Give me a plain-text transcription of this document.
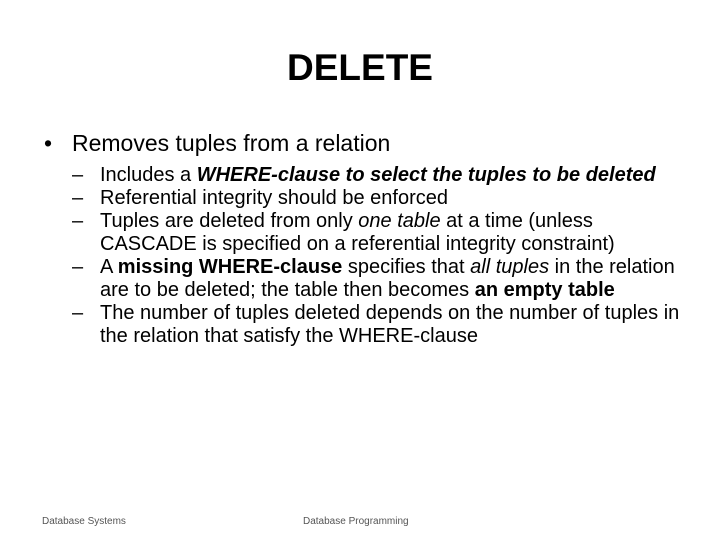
DELETE
• Removes tuples from a relation
– Includes a WHERE-clause to select the tuples to be deleted
– Referential integrity should be enforced
– Tuples are deleted from only one table at a time (unless CASCADE is specified on a referential integrity constraint)
– A missing WHERE-clause specifies that all tuples in the relation are to be deleted; the table then becomes an empty table
– The number of tuples deleted depends on the number of tuples in the relation that satisfy the WHERE-clause
Database Systems	Database Programming
